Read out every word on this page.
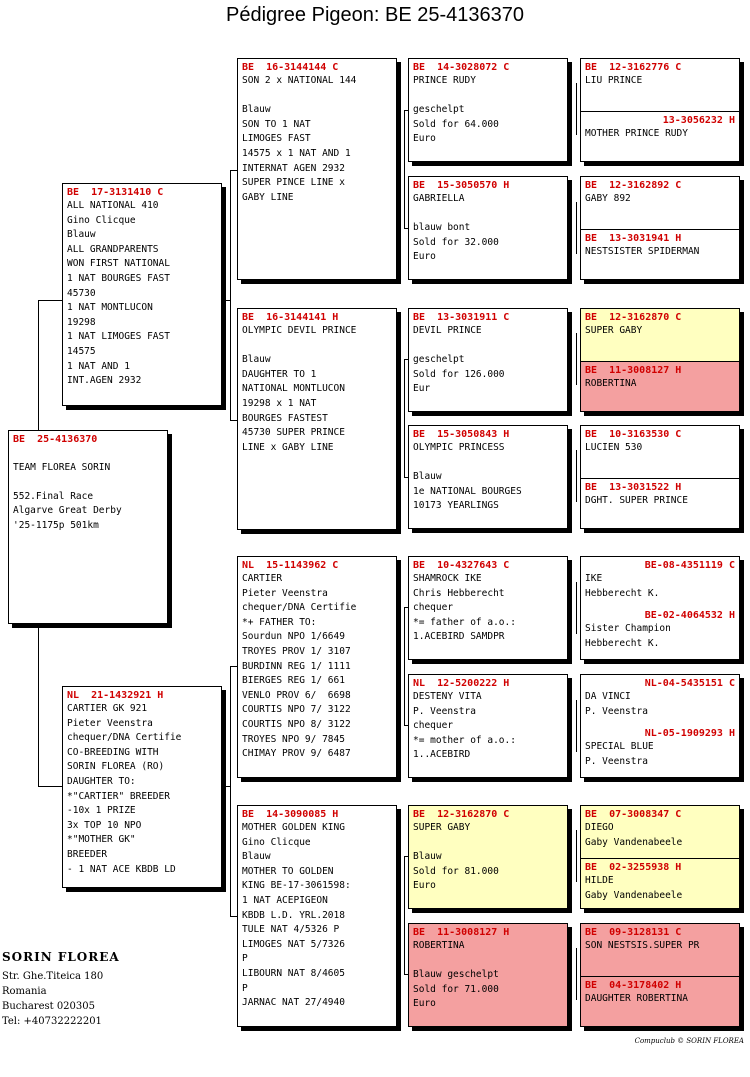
Pédigree Pigeon: BE 25-4136370
BE  25-4136370

TEAM FLOREA SORIN

552.Final Race
Algarve Great Derby
'25-1175p 501km
BE  17-3131410 C
ALL NATIONAL 410
Gino Clicque
Blauw
ALL GRANDPARENTS
WON FIRST NATIONAL
1 NAT BOURGES FAST
45730
1 NAT MONTLUCON
19298
1 NAT LIMOGES FAST
14575
1 NAT AND 1
INT.AGEN 2932
NL  21-1432921 H
CARTIER GK 921
Pieter Veenstra
chequer/DNA Certifie
CO-BREEDING WITH
SORIN FLOREA (RO)
DAUGHTER TO:
*"CARTIER" BREEDER
-10x 1 PRIZE
3x TOP 10 NPO
*"MOTHER GK"
BREEDER
- 1 NAT ACE KBDB LD
BE  16-3144144 C
SON 2 x NATIONAL 144

Blauw
SON TO 1 NAT
LIMOGES FAST
14575 x 1 NAT AND 1
INTERNAT AGEN 2932
SUPER PINCE LINE x
GABY LINE
BE  16-3144141 H
OLYMPIC DEVIL PRINCE

Blauw
DAUGHTER TO 1
NATIONAL MONTLUCON
19298 x 1 NAT
BOURGES FASTEST
45730 SUPER PRINCE
LINE x GABY LINE
NL  15-1143962 C
CARTIER
Pieter Veenstra
chequer/DNA Certifie
*+ FATHER TO:
Sourdun NPO 1/6649
TROYES PROV 1/ 3107
BURDINN REG 1/ 1111
BIERGES REG 1/ 661
VENLO PROV 6/  6698
COURTIS NPO 7/ 3122
COURTIS NPO 8/ 3122
TROYES NPO 9/ 7845
CHIMAY PROV 9/ 6487
BE  14-3090085 H
MOTHER GOLDEN KING
Gino Clicque
Blauw
MOTHER TO GOLDEN
KING BE-17-3061598:
1 NAT ACEPIGEON
KBDB L.D. YRL.2018
TULE NAT 4/5326 P
LIMOGES NAT 5/7326
P
LIBOURN NAT 8/4605
P
JARNAC NAT 27/4940
BE  14-3028072 C
PRINCE RUDY

geschelpt
Sold for 64.000
Euro
BE  15-3050570 H
GABRIELLA

blauw bont
Sold for 32.000
Euro
BE  13-3031911 C
DEVIL PRINCE

geschelpt
Sold for 126.000
Eur
BE  15-3050843 H
OLYMPIC PRINCESS

Blauw
1e NATIONAL BOURGES
10173 YEARLINGS
BE  10-4327643 C
SHAMROCK IKE
Chris Hebberecht
chequer
*= father of a.o.:
1.ACEBIRD SAMDPR
NL  12-5200222 H
DESTENY VITA
P. Veenstra
chequer
*= mother of a.o.:
1..ACEBIRD
BE  12-3162870 C
SUPER GABY

Blauw
Sold for 81.000
Euro
BE  11-3008127 H
ROBERTINA

Blauw geschelpt
Sold for 71.000
Euro
BE  12-3162776 C
LIU PRINCE
13-3056232 H
MOTHER PRINCE RUDY
BE  12-3162892 C
GABY 892
BE  13-3031941 H
NESTSISTER SPIDERMAN
BE  12-3162870 C
SUPER GABY
BE  11-3008127 H
ROBERTINA
BE  10-3163530 C
LUCIEN 530
BE  13-3031522 H
DGHT. SUPER PRINCE
BE-08-4351119 C
IKE
Hebberecht K.
BE-02-4064532 H
Sister Champion
Hebberecht K.
NL-04-5435151 C
DA VINCI
P. Veenstra
NL-05-1909293 H
SPECIAL BLUE
P. Veenstra
BE  07-3008347 C
DIEGO
Gaby Vandenabeele
BE  02-3255938 H
HILDE
Gaby Vandenabeele
BE  09-3128131 C
SON NESTSIS.SUPER PR
BE  04-3178402 H
DAUGHTER ROBERTINA
SORIN FLOREA
Str. Ghe.Titeica 180
Romania
Bucharest 020305
Tel: +40732222201
Compuclub © SORIN FLOREA
